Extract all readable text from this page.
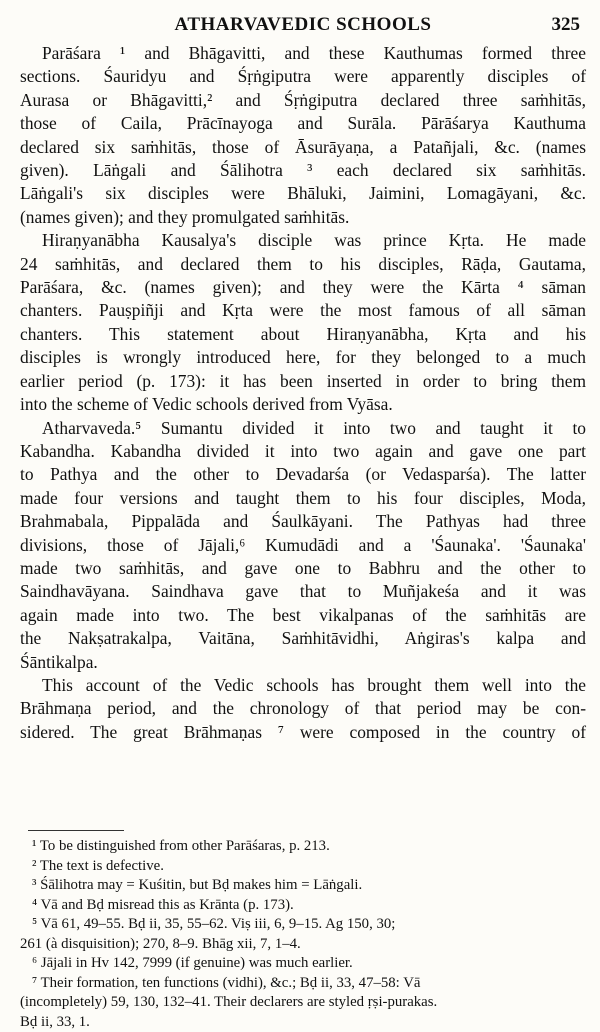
ATHARVAVEDIC SCHOOLS	325
Parāśara ¹ and Bhāgavitti, and these Kauthumas formed three
sections. Śauridyu and Śṛṅgiputra were apparently disciples of
Aurasa or Bhāgavitti,² and Śṛṅgiputra declared three saṁhitās,
those of Caila, Prācīnayoga and Surāla. Pārāśarya Kauthuma
declared six saṁhitās, those of Āsurāyaṇa, a Patañjali, &c. (names
given). Lāṅgali and Śālihotra ³ each declared six saṁhitās.
Lāṅgali's six disciples were Bhāluki, Jaimini, Lomagāyani, &c.
(names given); and they promulgated saṁhitās.
Hiraṇyanābha Kausalya's disciple was prince Kṛta. He made
24 saṁhitās, and declared them to his disciples, Rāḍa, Gautama,
Parāśara, &c. (names given); and they were the Kārta ⁴ sāman
chanters. Pauṣpiñji and Kṛta were the most famous of all sāman
chanters. This statement about Hiraṇyanābha, Kṛta and his
disciples is wrongly introduced here, for they belonged to a much
earlier period (p. 173): it has been inserted in order to bring them
into the scheme of Vedic schools derived from Vyāsa.
Atharvaveda.⁵ Sumantu divided it into two and taught it to
Kabandha. Kabandha divided it into two again and gave one part
to Pathya and the other to Devadarśa (or Vedasparśa). The latter
made four versions and taught them to his four disciples, Moda,
Brahmabala, Pippalāda and Śaulkāyani. The Pathyas had three
divisions, those of Jājali,⁶ Kumudādi and a 'Śaunaka'. 'Śaunaka'
made two saṁhitās, and gave one to Babhru and the other to
Saindhavāyana. Saindhava gave that to Muñjakeśa and it was
again made into two. The best vikalpanas of the saṁhitās are
the Nakṣatrakalpa, Vaitāna, Saṁhitāvidhi, Aṅgiras's kalpa and
Śāntikalpa.
This account of the Vedic schools has brought them well into the
Brāhmaṇa period, and the chronology of that period may be con-
sidered. The great Brāhmaṇas ⁷ were composed in the country of
¹ To be distinguished from other Parāśaras, p. 213.
² The text is defective.
³ Śālihotra may = Kuśitin, but Bḍ makes him = Lāṅgali.
⁴ Vā and Bḍ misread this as Krānta (p. 173).
⁵ Vā 61, 49–55. Bḍ ii, 35, 55–62. Viṣ iii, 6, 9–15. Ag 150, 30;
261 (à disquisition); 270, 8–9. Bhāg xii, 7, 1–4.
⁶ Jājali in Hv 142, 7999 (if genuine) was much earlier.
⁷ Their formation, ten functions (vidhi), &c.; Bḍ ii, 33, 47–58: Vā
(incompletely) 59, 130, 132–41. Their declarers are styled ṛṣi-purakas.
Bḍ ii, 33, 1.
